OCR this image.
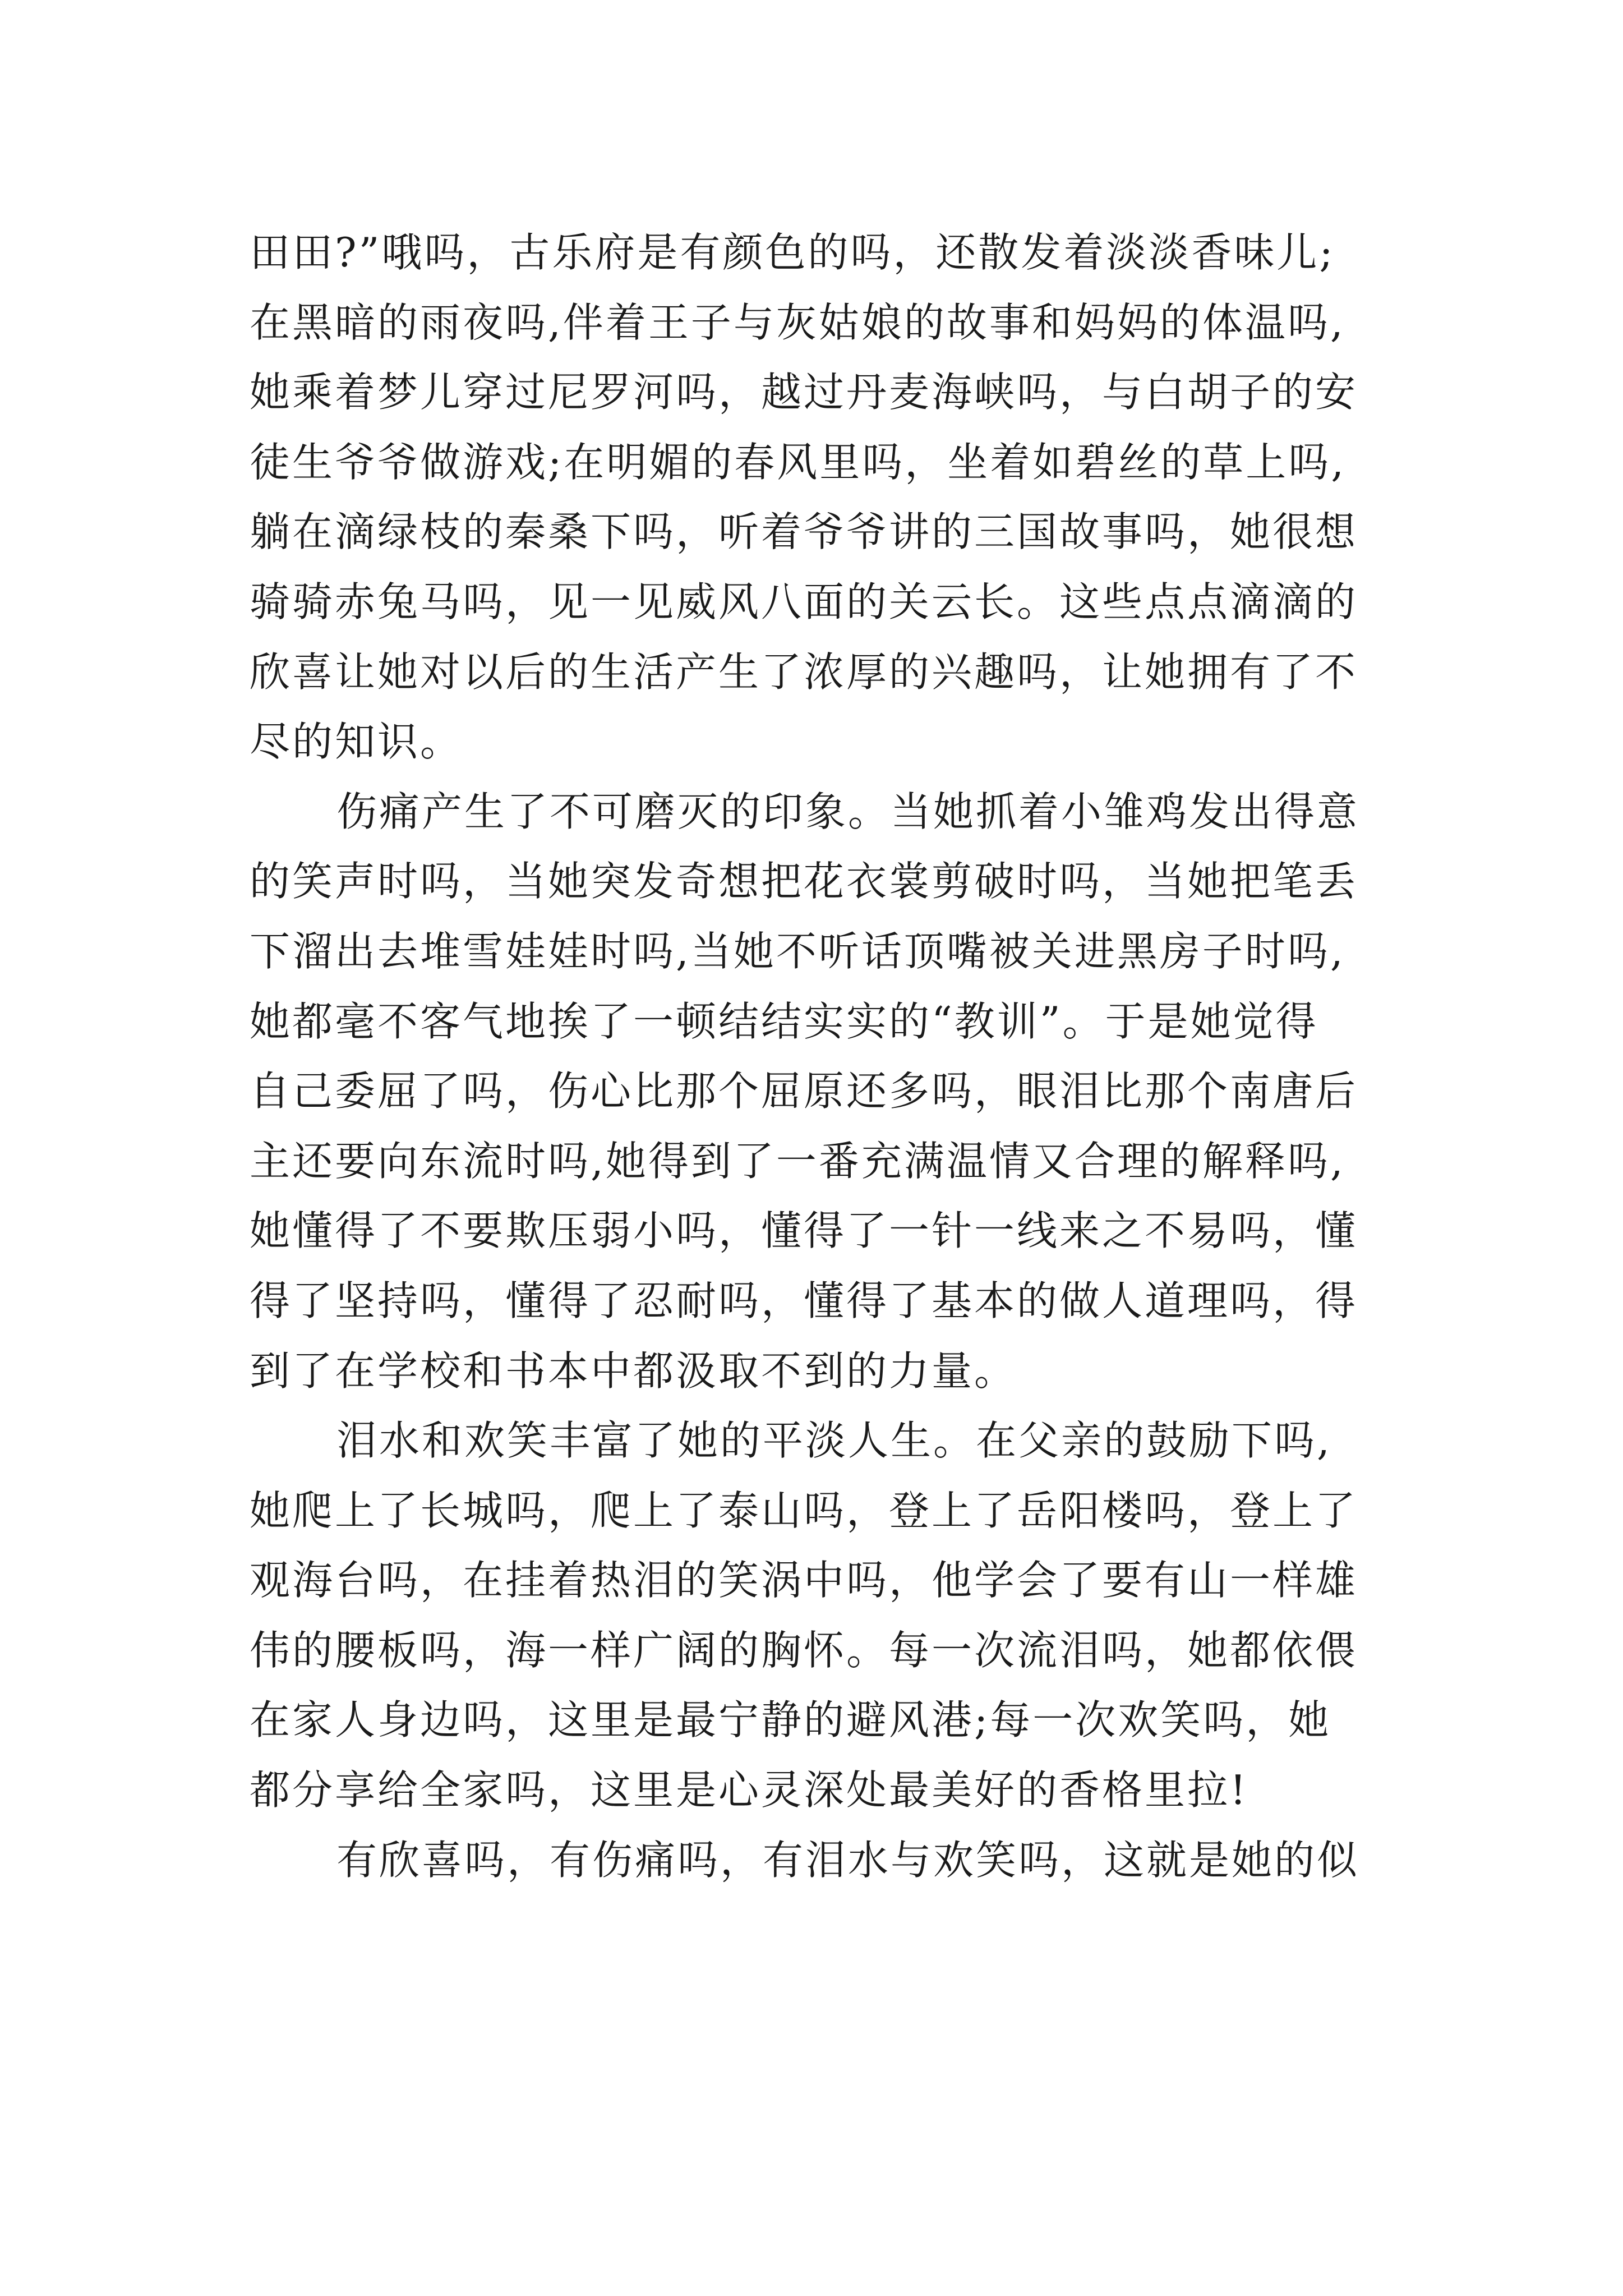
田田?”哦吗，古乐府是有颜色的吗，还散发着淡淡香味儿;
在黑暗的雨夜吗,伴着王子与灰姑娘的故事和妈妈的体温吗,
她乘着梦儿穿过尼罗河吗，越过丹麦海峡吗，与白胡子的安
徒生爷爷做游戏;在明媚的春风里吗，坐着如碧丝的草上吗,
躺在滴绿枝的秦桑下吗，听着爷爷讲的三国故事吗，她很想
骑骑赤兔马吗，见一见威风八面的关云长。这些点点滴滴的
欣喜让她对以后的生活产生了浓厚的兴趣吗，让她拥有了不
尽的知识。
伤痛产生了不可磨灭的印象。当她抓着小雏鸡发出得意
的笑声时吗，当她突发奇想把花衣裳剪破时吗，当她把笔丢
下溜出去堆雪娃娃时吗,当她不听话顶嘴被关进黑房子时吗,
她都毫不客气地挨了一顿结结实实的“教训”。于是她觉得
自己委屈了吗，伤心比那个屈原还多吗，眼泪比那个南唐后
主还要向东流时吗,她得到了一番充满温情又合理的解释吗,
她懂得了不要欺压弱小吗，懂得了一针一线来之不易吗，懂
得了坚持吗，懂得了忍耐吗，懂得了基本的做人道理吗，得
到了在学校和书本中都汲取不到的力量。
泪水和欢笑丰富了她的平淡人生。在父亲的鼓励下吗,
她爬上了长城吗，爬上了泰山吗，登上了岳阳楼吗，登上了
观海台吗，在挂着热泪的笑涡中吗，他学会了要有山一样雄
伟的腰板吗，海一样广阔的胸怀。每一次流泪吗，她都依偎
在家人身边吗，这里是最宁静的避风港;每一次欢笑吗，她
都分享给全家吗，这里是心灵深处最美好的香格里拉!
有欣喜吗，有伤痛吗，有泪水与欢笑吗，这就是她的似
